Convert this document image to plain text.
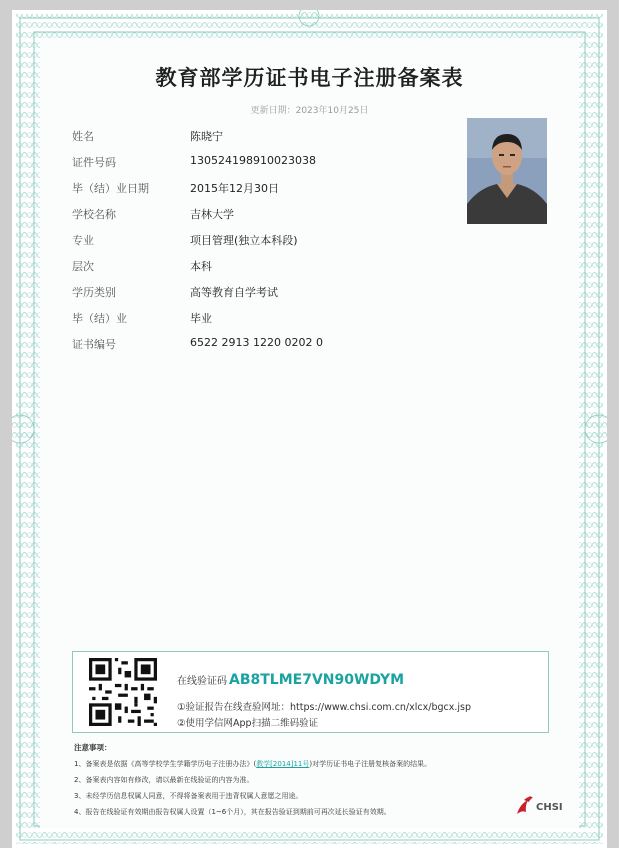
教育部学历证书电子注册备案表
更新日期：2023年10月25日
姓名	陈晓宁
证件号码	130524198910023038
毕（结）业日期	2015年12月30日
学校名称	吉林大学
专业	项目管理(独立本科段)
层次	本科
学历类别	高等教育自学考试
毕（结）业	毕业
证书编号	6522 2913 1220 0202 0
在线验证码 AB8TLME7VN90WDYM
①验证报告在线查验网址：https://www.chsi.com.cn/xlcx/bgcx.jsp
②使用学信网App扫描二维码验证
注意事项：
1、备案表是依据《高等学校学生学籍学历电子注册办法》(教学[2014]11号)对学历证书电子注册复核备案的结果。
2、备案表内容如有修改，请以最新在线验证的内容为准。
3、未经学历信息权属人同意，不得将备案表用于违背权属人意愿之用途。
4、报告在线验证有效期由报告权属人设置（1~6个月），其在报告验证到期前可再次延长验证有效期。	CHSI
